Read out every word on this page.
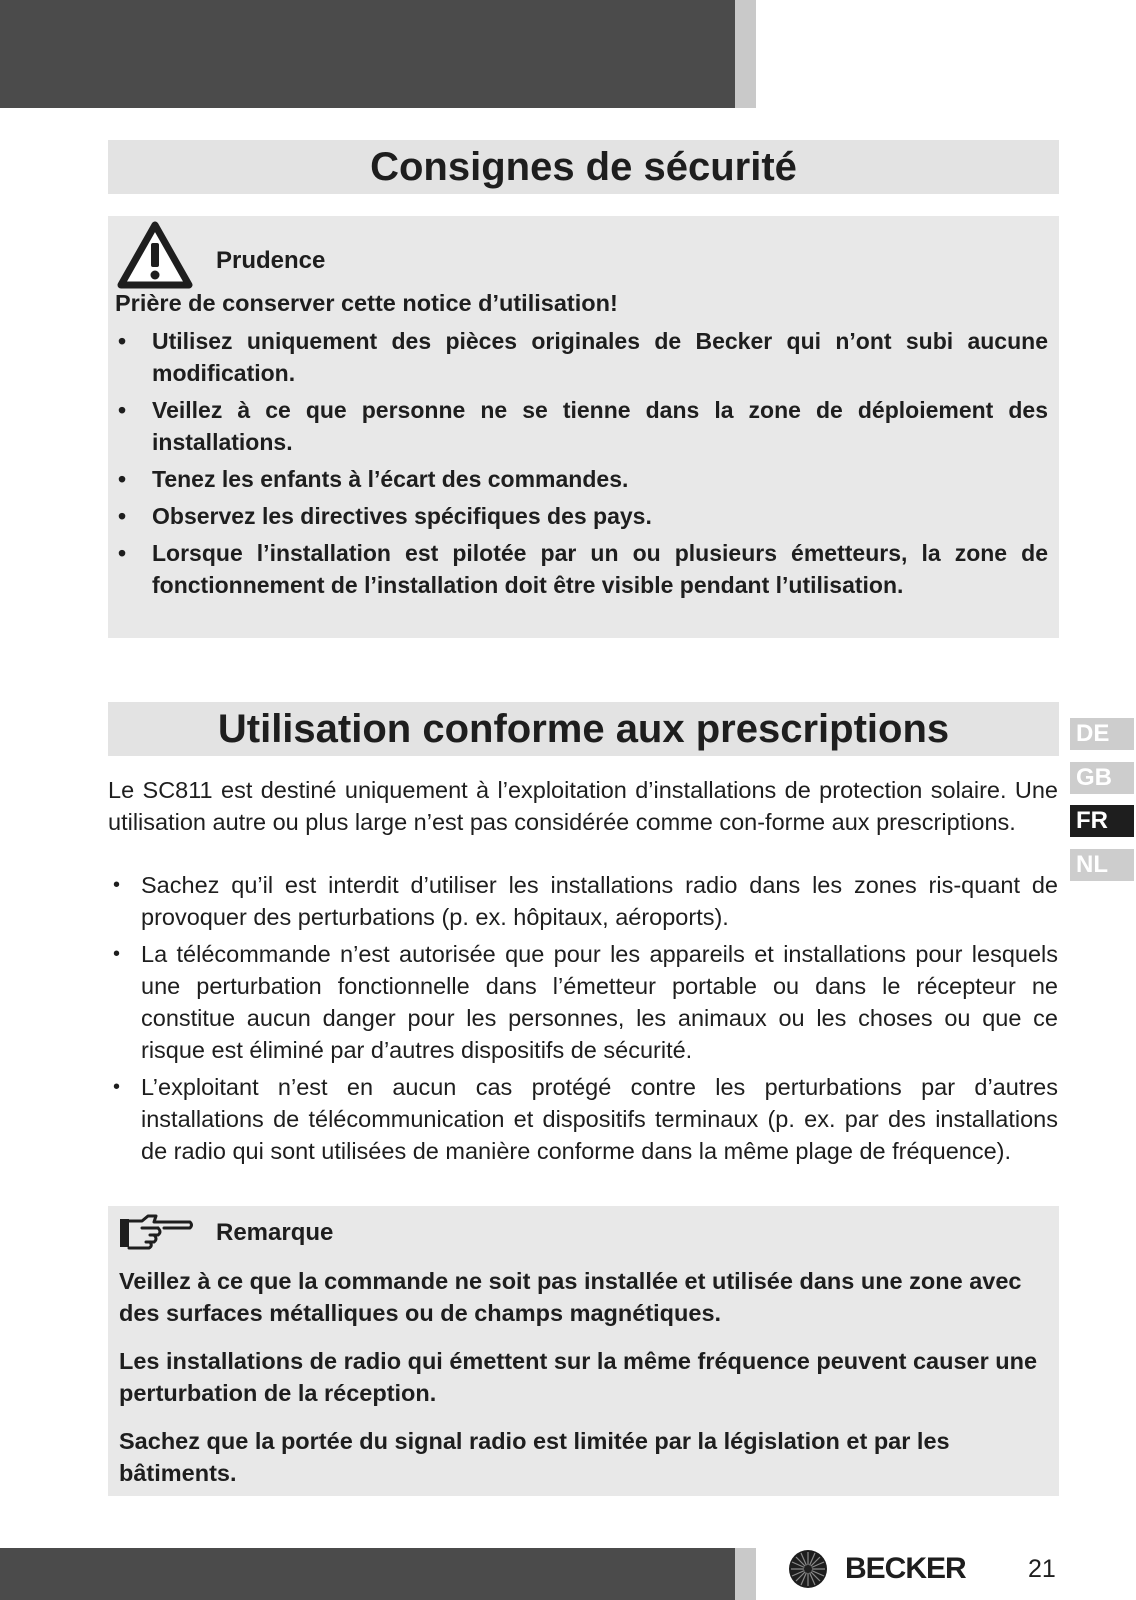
Consignes de sécurité
Prudence
Prière de conserver cette notice d’utilisation!
• Utilisez uniquement des pièces originales de Becker qui n’ont subi aucune modification.
• Veillez à ce que personne ne se tienne dans la zone de déploiement des installations.
• Tenez les enfants à l’écart des commandes.
• Observez les directives spécifiques des pays.
• Lorsque l’installation est pilotée par un ou plusieurs émetteurs, la zone de fonctionnement de l’installation doit être visible pendant l’utilisation.
Utilisation conforme aux prescriptions	DE
GB
FR
NL
Le SC811 est destiné uniquement à l’exploitation d’installations de protection solaire. Une utilisation autre ou plus large n’est pas considérée comme con-forme aux prescriptions.
• Sachez qu’il est interdit d’utiliser les installations radio dans les zones ris-quant de provoquer des perturbations (p. ex. hôpitaux, aéroports).
• La télécommande n’est autorisée que pour les appareils et installations pour lesquels une perturbation fonctionnelle dans l’émetteur portable ou dans le récepteur ne constitue aucun danger pour les personnes, les animaux ou les choses ou que ce risque est éliminé par d’autres dispositifs de sécurité.
• L’exploitant n’est en aucun cas protégé contre les perturbations par d’autres installations de télécommunication et dispositifs terminaux (p. ex. par des installations de radio qui sont utilisées de manière conforme dans la même plage de fréquence).
Remarque

Veillez à ce que la commande ne soit pas installée et utilisée dans une zone avec des surfaces métalliques ou de champs magnétiques.

Les installations de radio qui émettent sur la même fréquence peuvent causer une perturbation de la réception.

Sachez que la portée du signal radio est limitée par la législation et par les bâtiments.

BECKER 21
